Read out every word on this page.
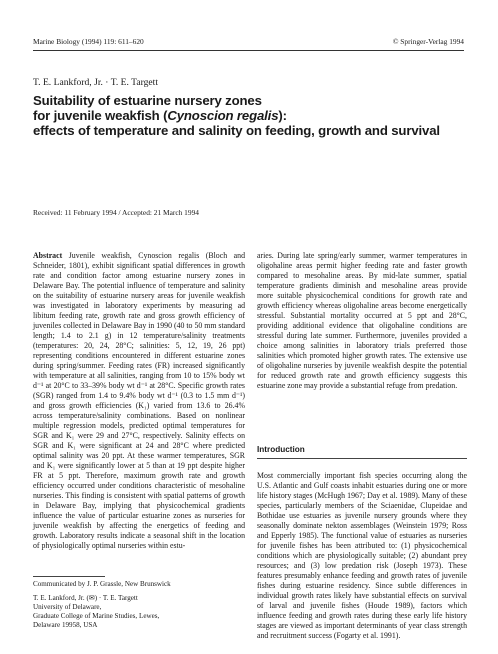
Marine Biology (1994) 119: 611–620	© Springer-Verlag 1994
T. E. Lankford, Jr. · T. E. Targett
Suitability of estuarine nursery zones
for juvenile weakfish (Cynoscion regalis):
effects of temperature and salinity on feeding, growth and survival
Received: 11 February 1994 / Accepted: 21 March 1994

Abstract Juvenile weakfish, Cynoscion regalis (Bloch and Schneider, 1801), exhibit significant spatial differences in growth rate and condition factor among estuarine nursery zones in Delaware Bay. The potential influence of temperature and salinity on the suitability of estuarine nursery areas for juvenile weakfish was investigated in laboratory experiments by measuring ad libitum feeding rate, growth rate and gross growth efficiency of juveniles collected in Delaware Bay in 1990 (40 to 50 mm standard length; 1.4 to 2.1 g) in 12 temperature/salinity treatments (temperatures: 20, 24, 28°C; salinities: 5, 12, 19, 26 ppt) representing conditions encountered in different estuarine zones during spring/summer. Feeding rates (FR) increased significantly with temperature at all salinities, ranging from 10 to 15% body wt d⁻¹ at 20°C to 33–39% body wt d⁻¹ at 28°C. Specific growth rates (SGR) ranged from 1.4 to 9.4% body wt d⁻¹ (0.3 to 1.5 mm d⁻¹) and gross growth efficiencies (K₁) varied from 13.6 to 26.4% across temperature/salinity combinations. Based on nonlinear multiple regression models, predicted optimal temperatures for SGR and K₁ were 29 and 27°C, respectively. Salinity effects on SGR and K₁ were significant at 24 and 28°C where predicted optimal salinity was 20 ppt. At these warmer temperatures, SGR and K₁ were significantly lower at 5 than at 19 ppt despite higher FR at 5 ppt. Therefore, maximum growth rate and growth efficiency occurred under conditions characteristic of mesohaline nurseries. This finding is consistent with spatial patterns of growth in Delaware Bay, implying that physicochemical gradients influence the value of particular estuarine zones as nurseries for juvenile weakfish by affecting the energetics of feeding and growth. Laboratory results indicate a seasonal shift in the location of physiologically optimal nurseries within estu-

aries. During late spring/early summer, warmer temperatures in oligohaline areas permit higher feeding rate and faster growth compared to mesohaline areas. By mid-late summer, spatial temperature gradients diminish and mesohaline areas provide more suitable physicochemical conditions for growth rate and growth efficiency whereas oligohaline areas become energetically stressful. Substantial mortality occurred at 5 ppt and 28°C, providing additional evidence that oligohaline conditions are stressful during late summer. Furthermore, juveniles provided a choice among salinities in laboratory trials preferred those salinities which promoted higher growth rates. The extensive use of oligohaline nurseries by juvenile weakfish despite the potential for reduced growth rate and growth efficiency suggests this estuarine zone may provide a substantial refuge from predation.

Introduction

Most commercially important fish species occurring along the U.S. Atlantic and Gulf coasts inhabit estuaries during one or more life history stages (McHugh 1967; Day et al. 1989). Many of these species, particularly members of the Sciaenidae, Clupeidae and Bothidae use estuaries as juvenile nursery grounds where they seasonally dominate nekton assemblages (Weinstein 1979; Ross and Epperly 1985). The functional value of estuaries as nurseries for juvenile fishes has been attributed to: (1) physicochemical conditions which are physiologically suitable; (2) abundant prey resources; and (3) low predation risk (Joseph 1973). These features presumably enhance feeding and growth rates of juvenile fishes during estuarine residency. Since subtle differences in individual growth rates likely have substantial effects on survival of larval and juvenile fishes (Houde 1989), factors which influence feeding and growth rates during these early life history stages are viewed as important determinants of year class strength and recruitment success (Fogarty et al. 1991).

Communicated by J. P. Grassle, New Brunswick
T. E. Lankford, Jr. (✉) · T. E. Targett
University of Delaware,
Graduate College of Marine Studies, Lewes,
Delaware 19958, USA
